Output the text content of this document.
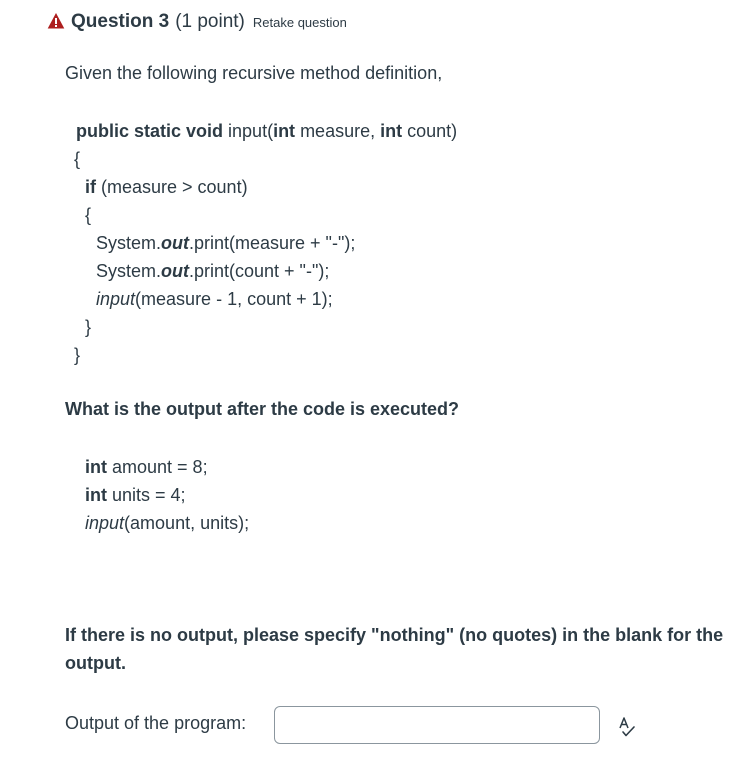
Question 3 (1 point) Retake question
Given the following recursive method definition,
public static void input(int measure, int count)
{
if (measure > count)
{
System.out.print(measure + "-");
System.out.print(count + "-");
input(measure - 1, count + 1);
}
}
What is the output after the code is executed?
int amount = 8;
int units = 4;
input(amount, units);
If there is no output, please specify "nothing" (no quotes) in the blank for the output.
Output of the program:
